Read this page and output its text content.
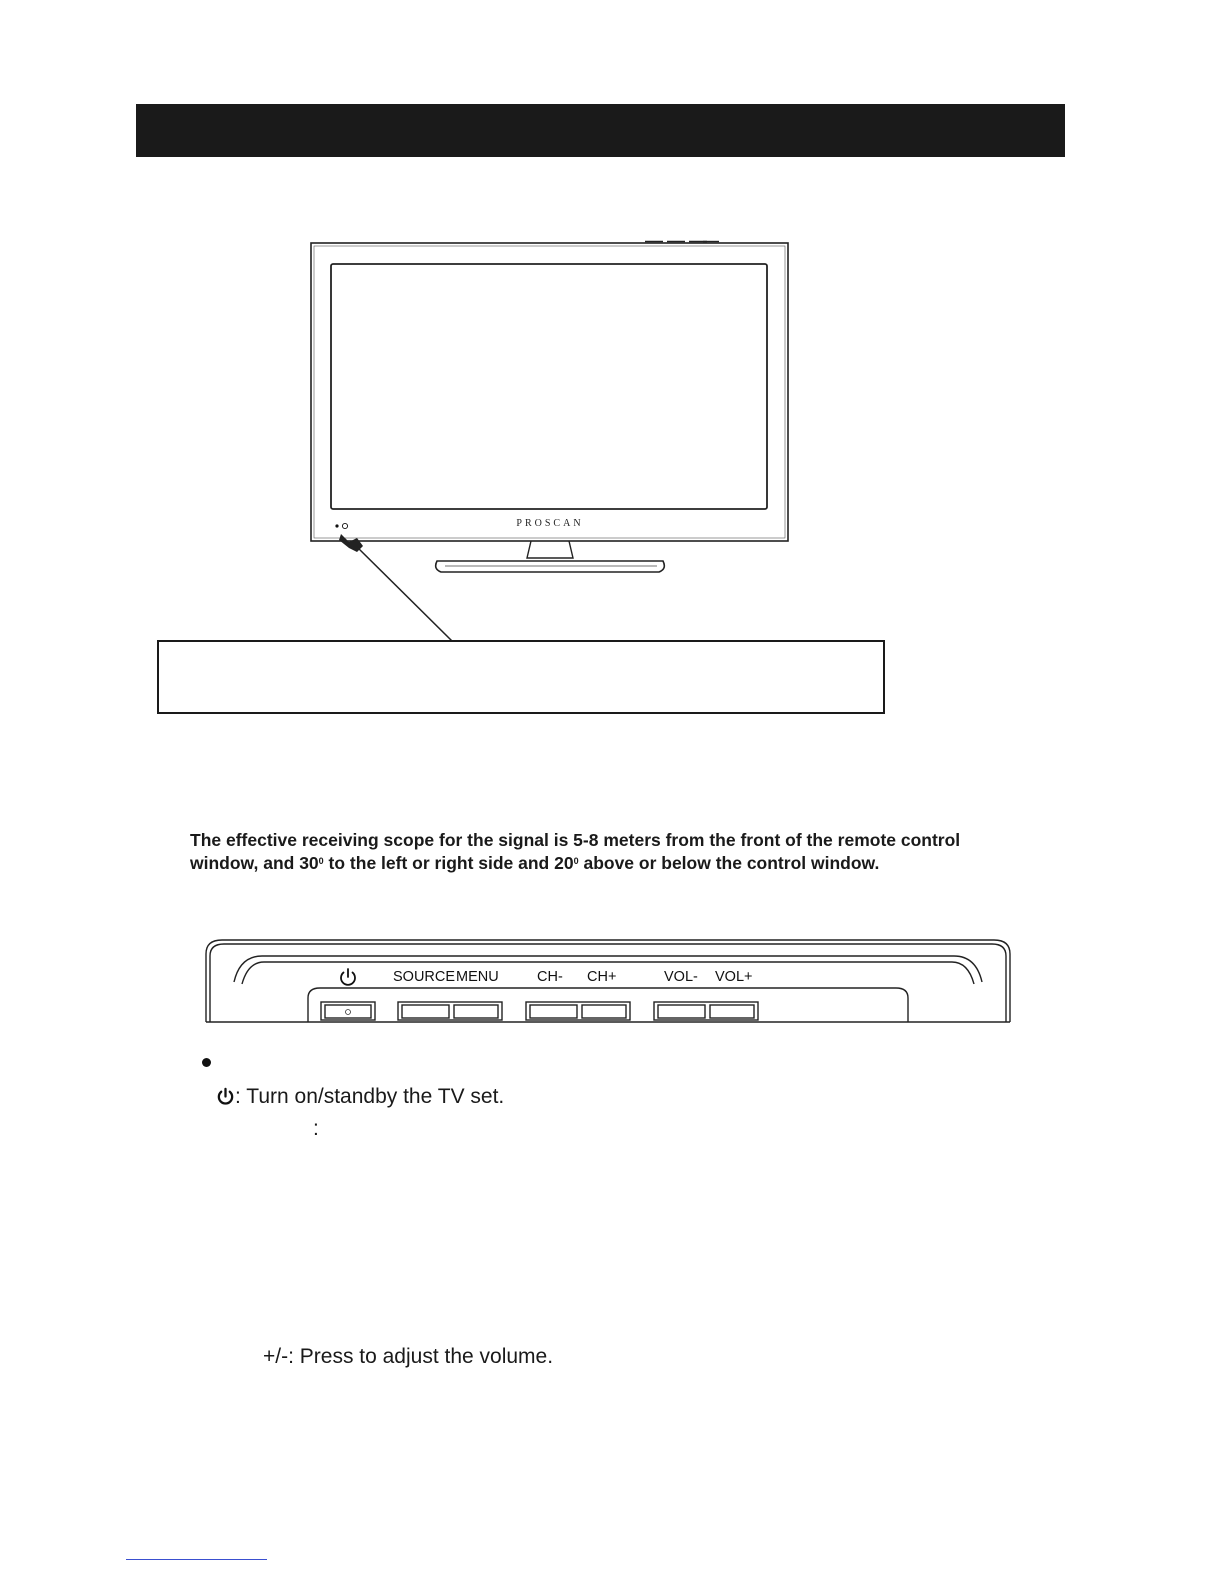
PROSCAN
The effective receiving scope for the signal is 5-8 meters from the front of the remote control window, and $30^0$ to the left or right side and $20^0$ above or below the control window.
SOURCE MENU	CH- CH+	VOL- VOL+
: Turn on/standby the TV set.
:
+/-: Press to adjust the volume.
